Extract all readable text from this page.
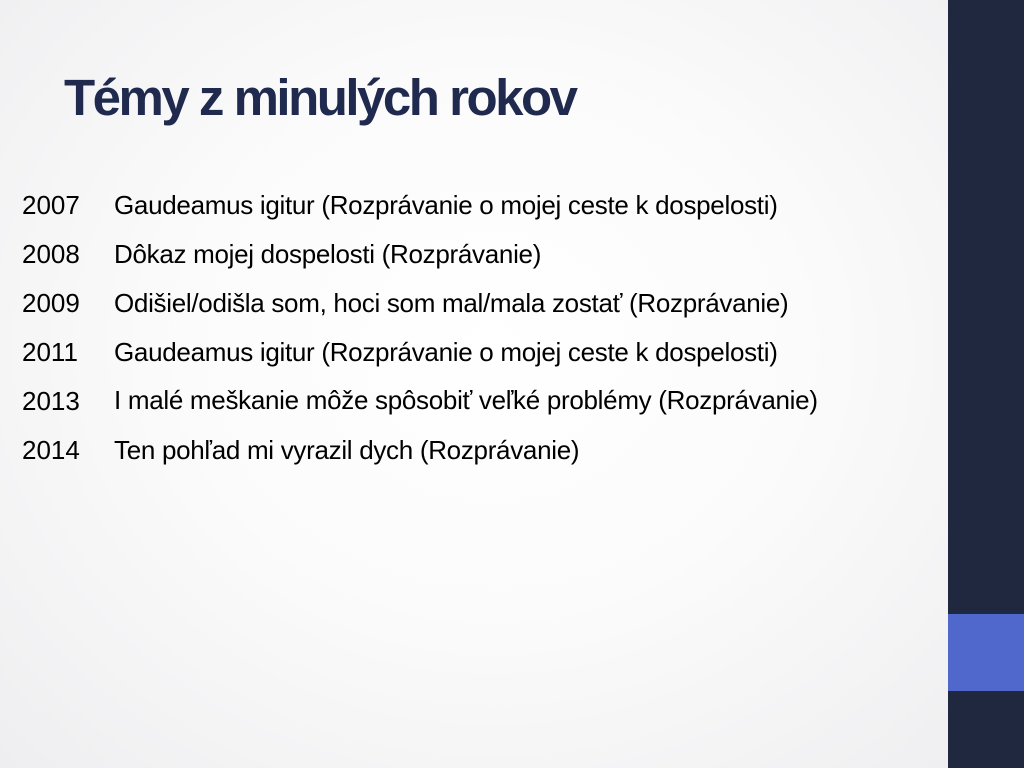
Témy z minulých rokov
2007	Gaudeamus igitur (Rozprávanie o mojej ceste k dospelosti)
2008	Dôkaz mojej dospelosti (Rozprávanie)
2009	Odišiel/odišla som, hoci som mal/mala zostať (Rozprávanie)
2011	Gaudeamus igitur (Rozprávanie o mojej ceste k dospelosti)
2013	I malé meškanie môže spôsobiť veľké problémy (Rozprávanie)
2014	Ten pohľad mi vyrazil dych (Rozprávanie)
